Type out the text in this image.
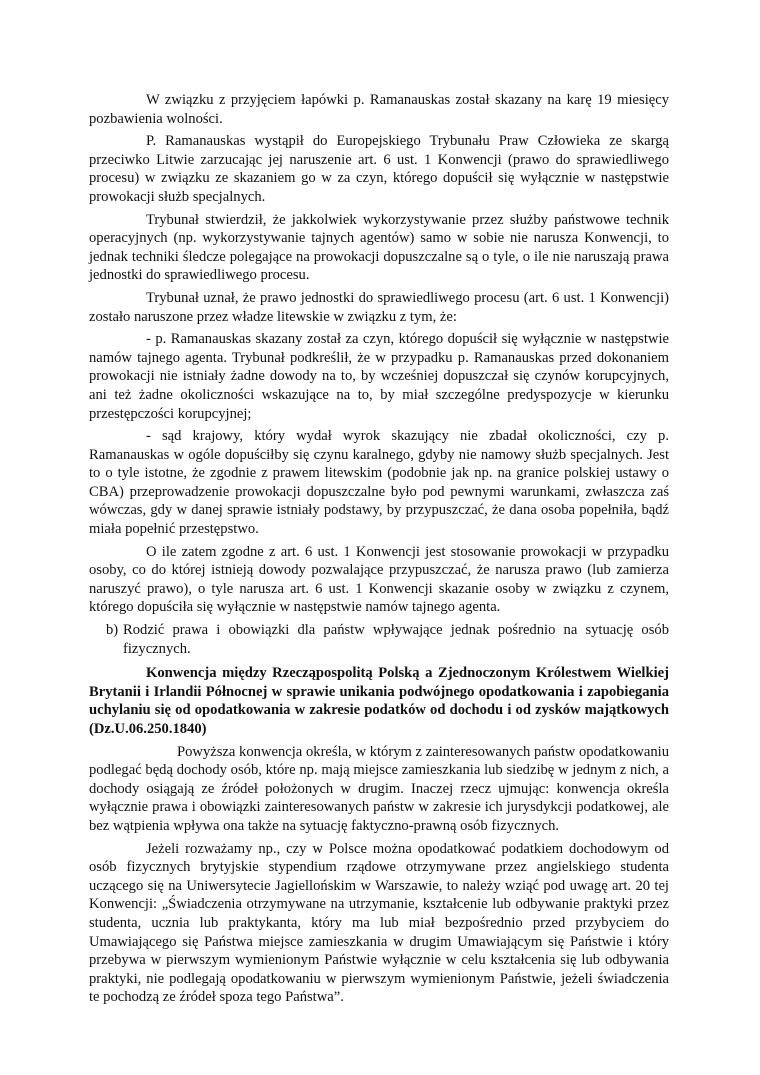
W związku z przyjęciem łapówki p. Ramanauskas został skazany na karę 19 miesięcy pozbawienia wolności.

P. Ramanauskas wystąpił do Europejskiego Trybunału Praw Człowieka ze skargą przeciwko Litwie zarzucając jej naruszenie art. 6 ust. 1 Konwencji (prawo do sprawiedliwego procesu) w związku ze skazaniem go w za czyn, którego dopuścił się wyłącznie w następstwie prowokacji służb specjalnych.

Trybunał stwierdził, że jakkolwiek wykorzystywanie przez służby państwowe technik operacyjnych (np. wykorzystywanie tajnych agentów) samo w sobie nie narusza Konwencji, to jednak techniki śledcze polegające na prowokacji dopuszczalne są o tyle, o ile nie naruszają prawa jednostki do sprawiedliwego procesu.

Trybunał uznał, że prawo jednostki do sprawiedliwego procesu (art. 6 ust. 1 Konwencji) zostało naruszone przez władze litewskie w związku z tym, że:

- p. Ramanauskas skazany został za czyn, którego dopuścił się wyłącznie w następstwie namów tajnego agenta. Trybunał podkreślił, że w przypadku p. Ramanauskas przed dokonaniem prowokacji nie istniały żadne dowody na to, by wcześniej dopuszczał się czynów korupcyjnych, ani też żadne okoliczności wskazujące na to, by miał szczególne predyspozycje w kierunku przestępczości korupcyjnej;

- sąd krajowy, który wydał wyrok skazujący nie zbadał okoliczności, czy p. Ramanauskas w ogóle dopuściłby się czynu karalnego, gdyby nie namowy służb specjalnych. Jest to o tyle istotne, że zgodnie z prawem litewskim (podobnie jak np. na granice polskiej ustawy o CBA) przeprowadzenie prowokacji dopuszczalne było pod pewnymi warunkami, zwłaszcza zaś wówczas, gdy w danej sprawie istniały podstawy, by przypuszczać, że dana osoba popełniła, bądź miała popełnić przestępstwo.

O ile zatem zgodne z art. 6 ust. 1 Konwencji jest stosowanie prowokacji w przypadku osoby, co do której istnieją dowody pozwalające przypuszczać, że narusza prawo (lub zamierza naruszyć prawo), o tyle narusza art. 6 ust. 1 Konwencji skazanie osoby w związku z czynem, którego dopuściła się wyłącznie w następstwie namów tajnego agenta.

b) Rodzić prawa i obowiązki dla państw wpływające jednak pośrednio na sytuację osób fizycznych.

Konwencja między Rzecząpospolitą Polską a Zjednoczonym Królestwem Wielkiej Brytanii i Irlandii Północnej w sprawie unikania podwójnego opodatkowania i zapobiegania uchylaniu się od opodatkowania w zakresie podatków od dochodu i od zysków majątkowych (Dz.U.06.250.1840)

Powyższa konwencja określa, w którym z zainteresowanych państw opodatkowaniu podlegać będą dochody osób, które np. mają miejsce zamieszkania lub siedzibę w jednym z nich, a dochody osiągają ze źródeł położonych w drugim. Inaczej rzecz ujmując: konwencja określa wyłącznie prawa i obowiązki zainteresowanych państw w zakresie ich jurysdykcji podatkowej, ale bez wątpienia wpływa ona także na sytuację faktyczno-prawną osób fizycznych.

Jeżeli rozważamy np., czy w Polsce można opodatkować podatkiem dochodowym od osób fizycznych brytyjskie stypendium rządowe otrzymywane przez angielskiego studenta uczącego się na Uniwersytecie Jagiellońskim w Warszawie, to należy wziąć pod uwagę art. 20 tej Konwencji: „Świadczenia otrzymywane na utrzymanie, kształcenie lub odbywanie praktyki przez studenta, ucznia lub praktykanta, który ma lub miał bezpośrednio przed przybyciem do Umawiającego się Państwa miejsce zamieszkania w drugim Umawiającym się Państwie i który przebywa w pierwszym wymienionym Państwie wyłącznie w celu kształcenia się lub odbywania praktyki, nie podlegają opodatkowaniu w pierwszym wymienionym Państwie, jeżeli świadczenia te pochodzą ze źródeł spoza tego Państwa”.
